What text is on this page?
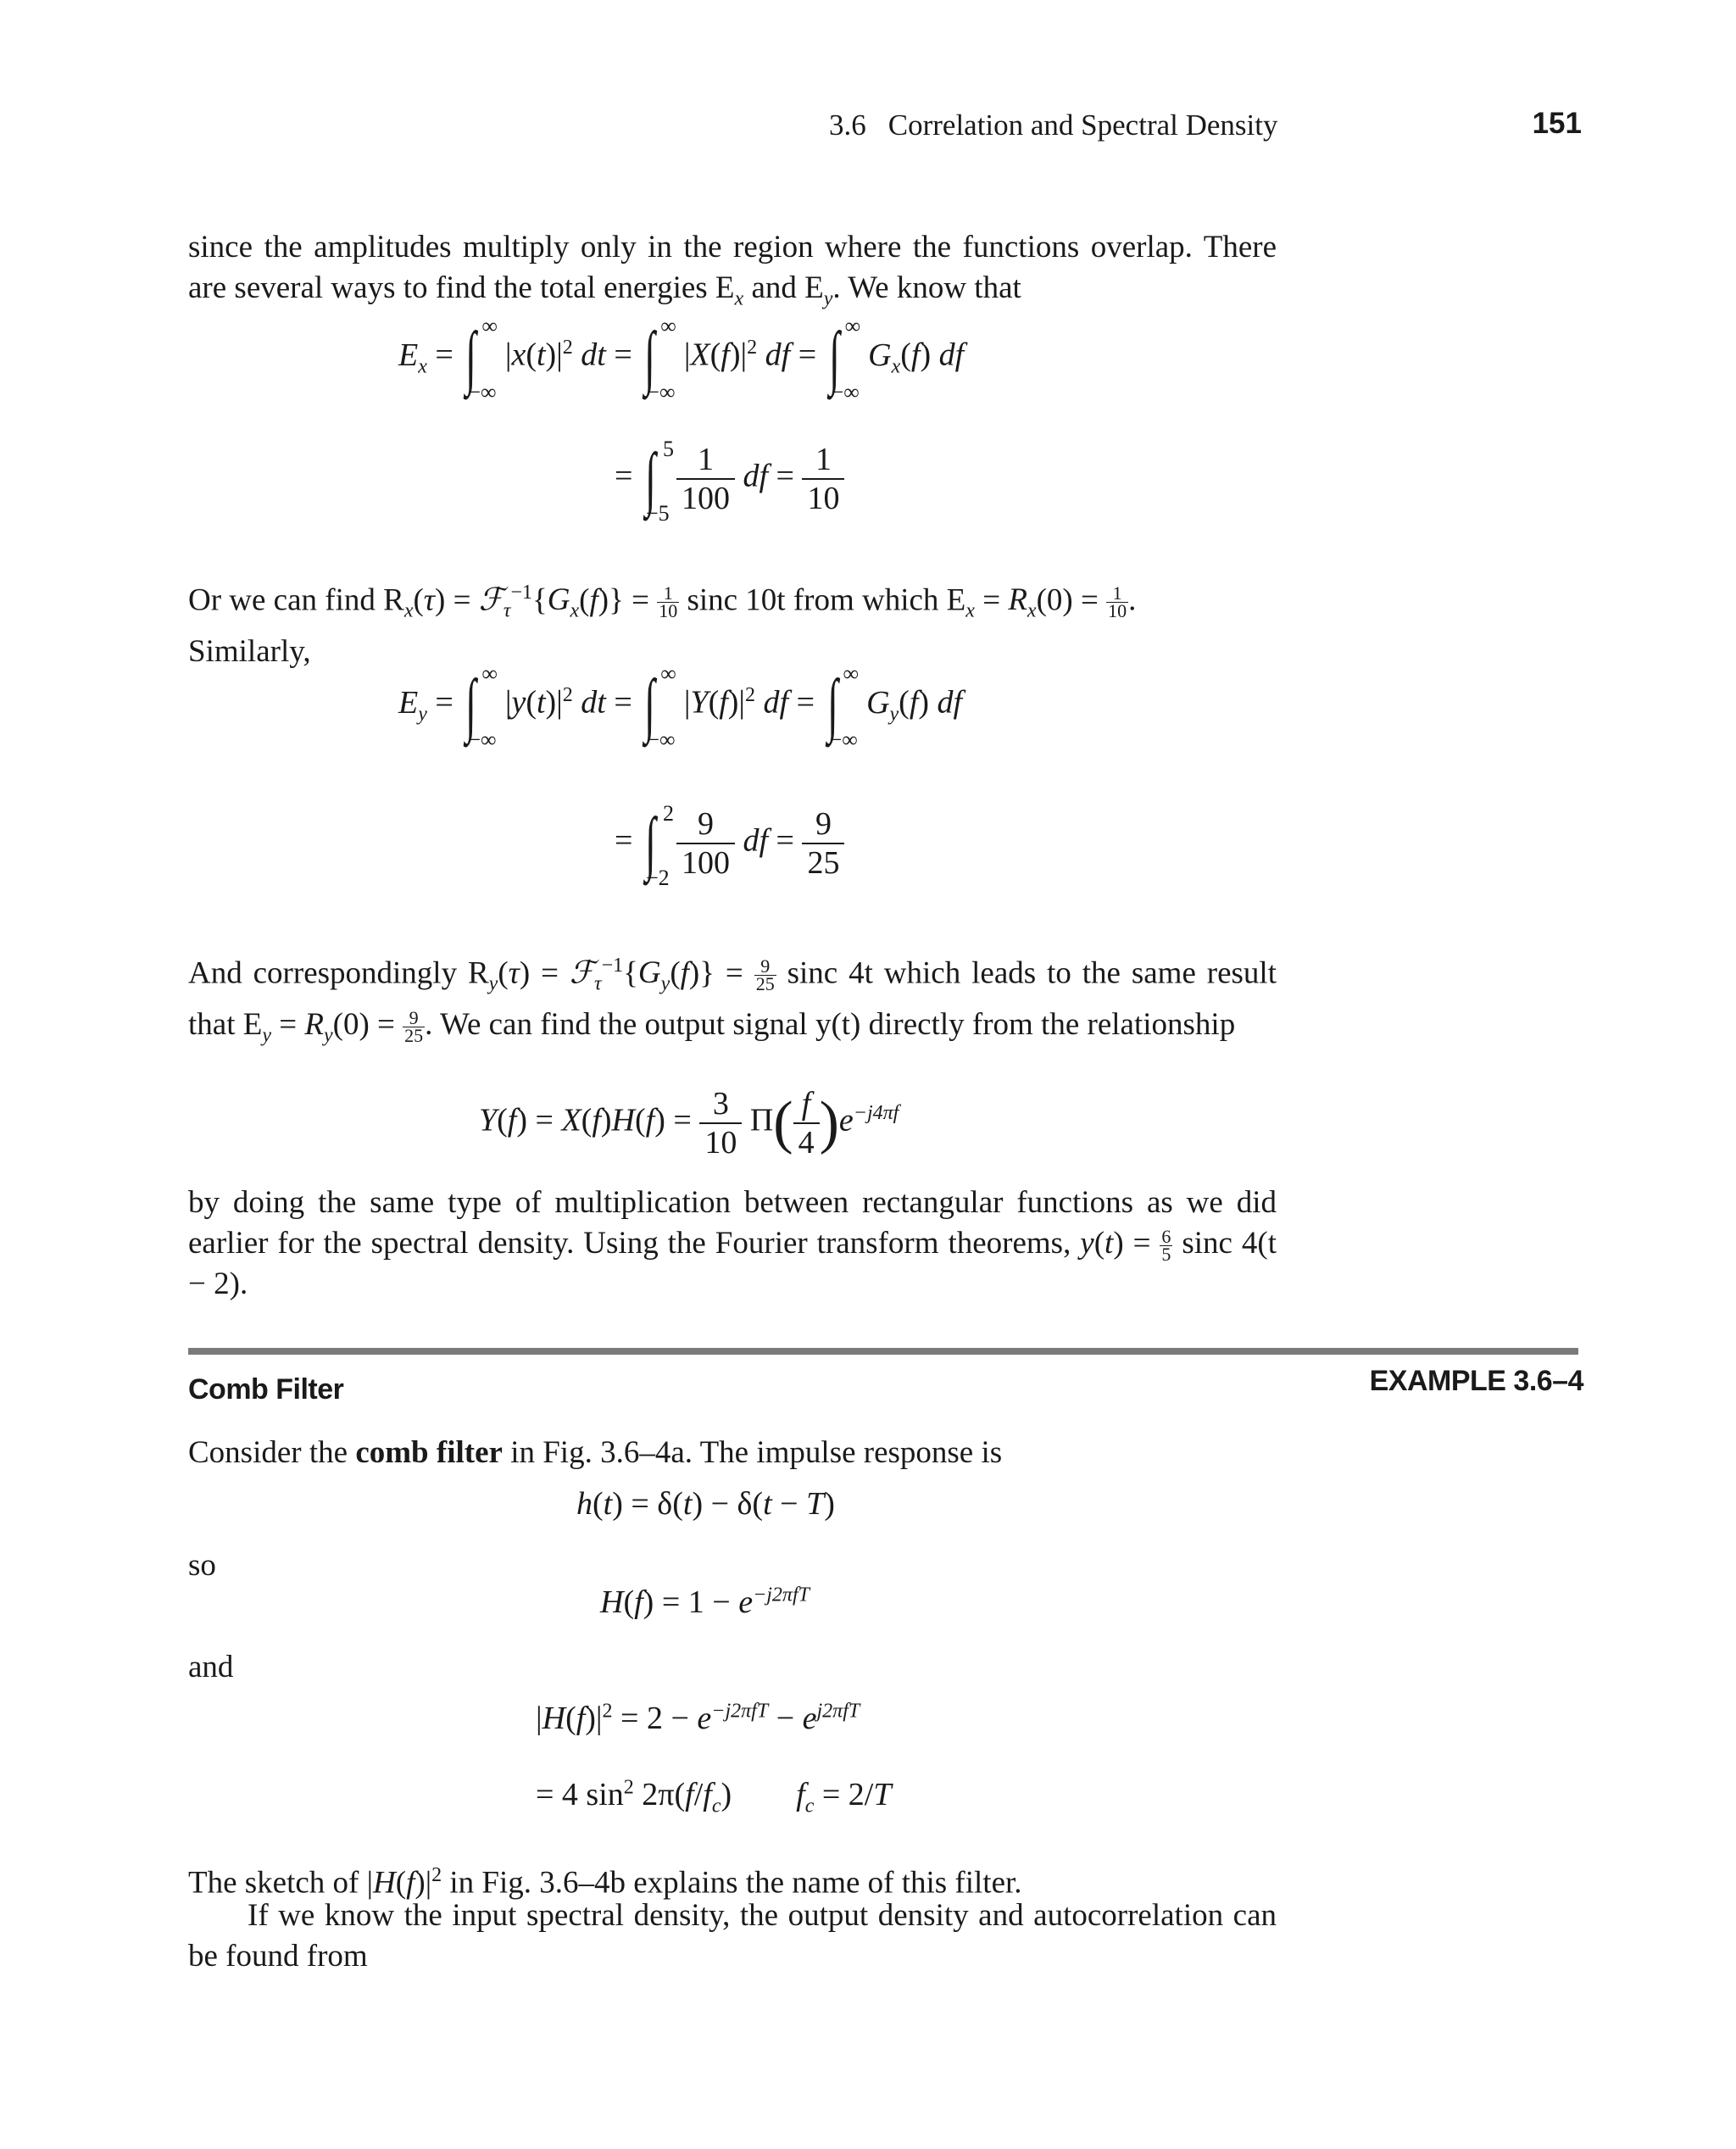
3.6 Correlation and Spectral Density	151
since the amplitudes multiply only in the region where the functions overlap. There are several ways to find the total energies $E_x$ and $E_y$. We know that
$E_x$ = ∫ ∞
−∞
$|x(t)|^2$ dt = ∫ ∞
−∞
$|X(f)|^2$ df = ∫ ∞
−∞
$G_x(f)$ df
= ∫ 5
−5
$\frac{1}{100}$ df = $\frac{1}{10}$
Or we can find $R_x(\tau)$ = $ℱ_\tau^{-1}\{G_x(f)\} = \frac{1}{10}$ sinc 10t from which $E_x = R_x(0) = \frac{1}{10}$ .
Similarly,
$E_y$ = ∫ ∞
−∞
$|y(t)|^2$ dt = ∫ ∞
−∞
$|Y(f)|^2$ df = ∫ ∞
−∞
$G_y(f)$ df
= ∫ 2
−2
$\frac{9}{100}$ df = $\frac{9}{25}$
And correspondingly $R_y(\tau)$ = $ℱ_\tau^{-1}\{G_y(f)\} = \frac{9}{25}$ sinc 4t which leads to the same result that $E_y = R_y(0) = \frac{9}{25}$ . We can find the output signal y(t) directly from the relationship
$Y(f) = X(f)H(f) = \frac{3}{10} \Pi( \frac{f}{4} )e^{-j4\pi f}$
by doing the same type of multiplication between rectangular functions as we did earlier for the spectral density. Using the Fourier transform theorems, $y(t) = \frac{6}{5}$ sinc 4(t − 2).
Comb Filter	EXAMPLE 3.6–4
Consider the comb filter in Fig. 3.6–4a. The impulse response is
h(t) = δ(t) − δ(t − T)
so
$H(f) = 1 - e^{-j2\pi fT}$
and
$|H(f)|^2 = 2 - e^{-j2\pi fT} - e^{j2\pi fT}$
= 4 $\sin^2 2\pi(f/f_c)$        $f_c = 2/T$
The sketch of $|H(f)|^2$ in Fig. 3.6–4b explains the name of this filter.
If we know the input spectral density, the output density and autocorrelation can be found from
